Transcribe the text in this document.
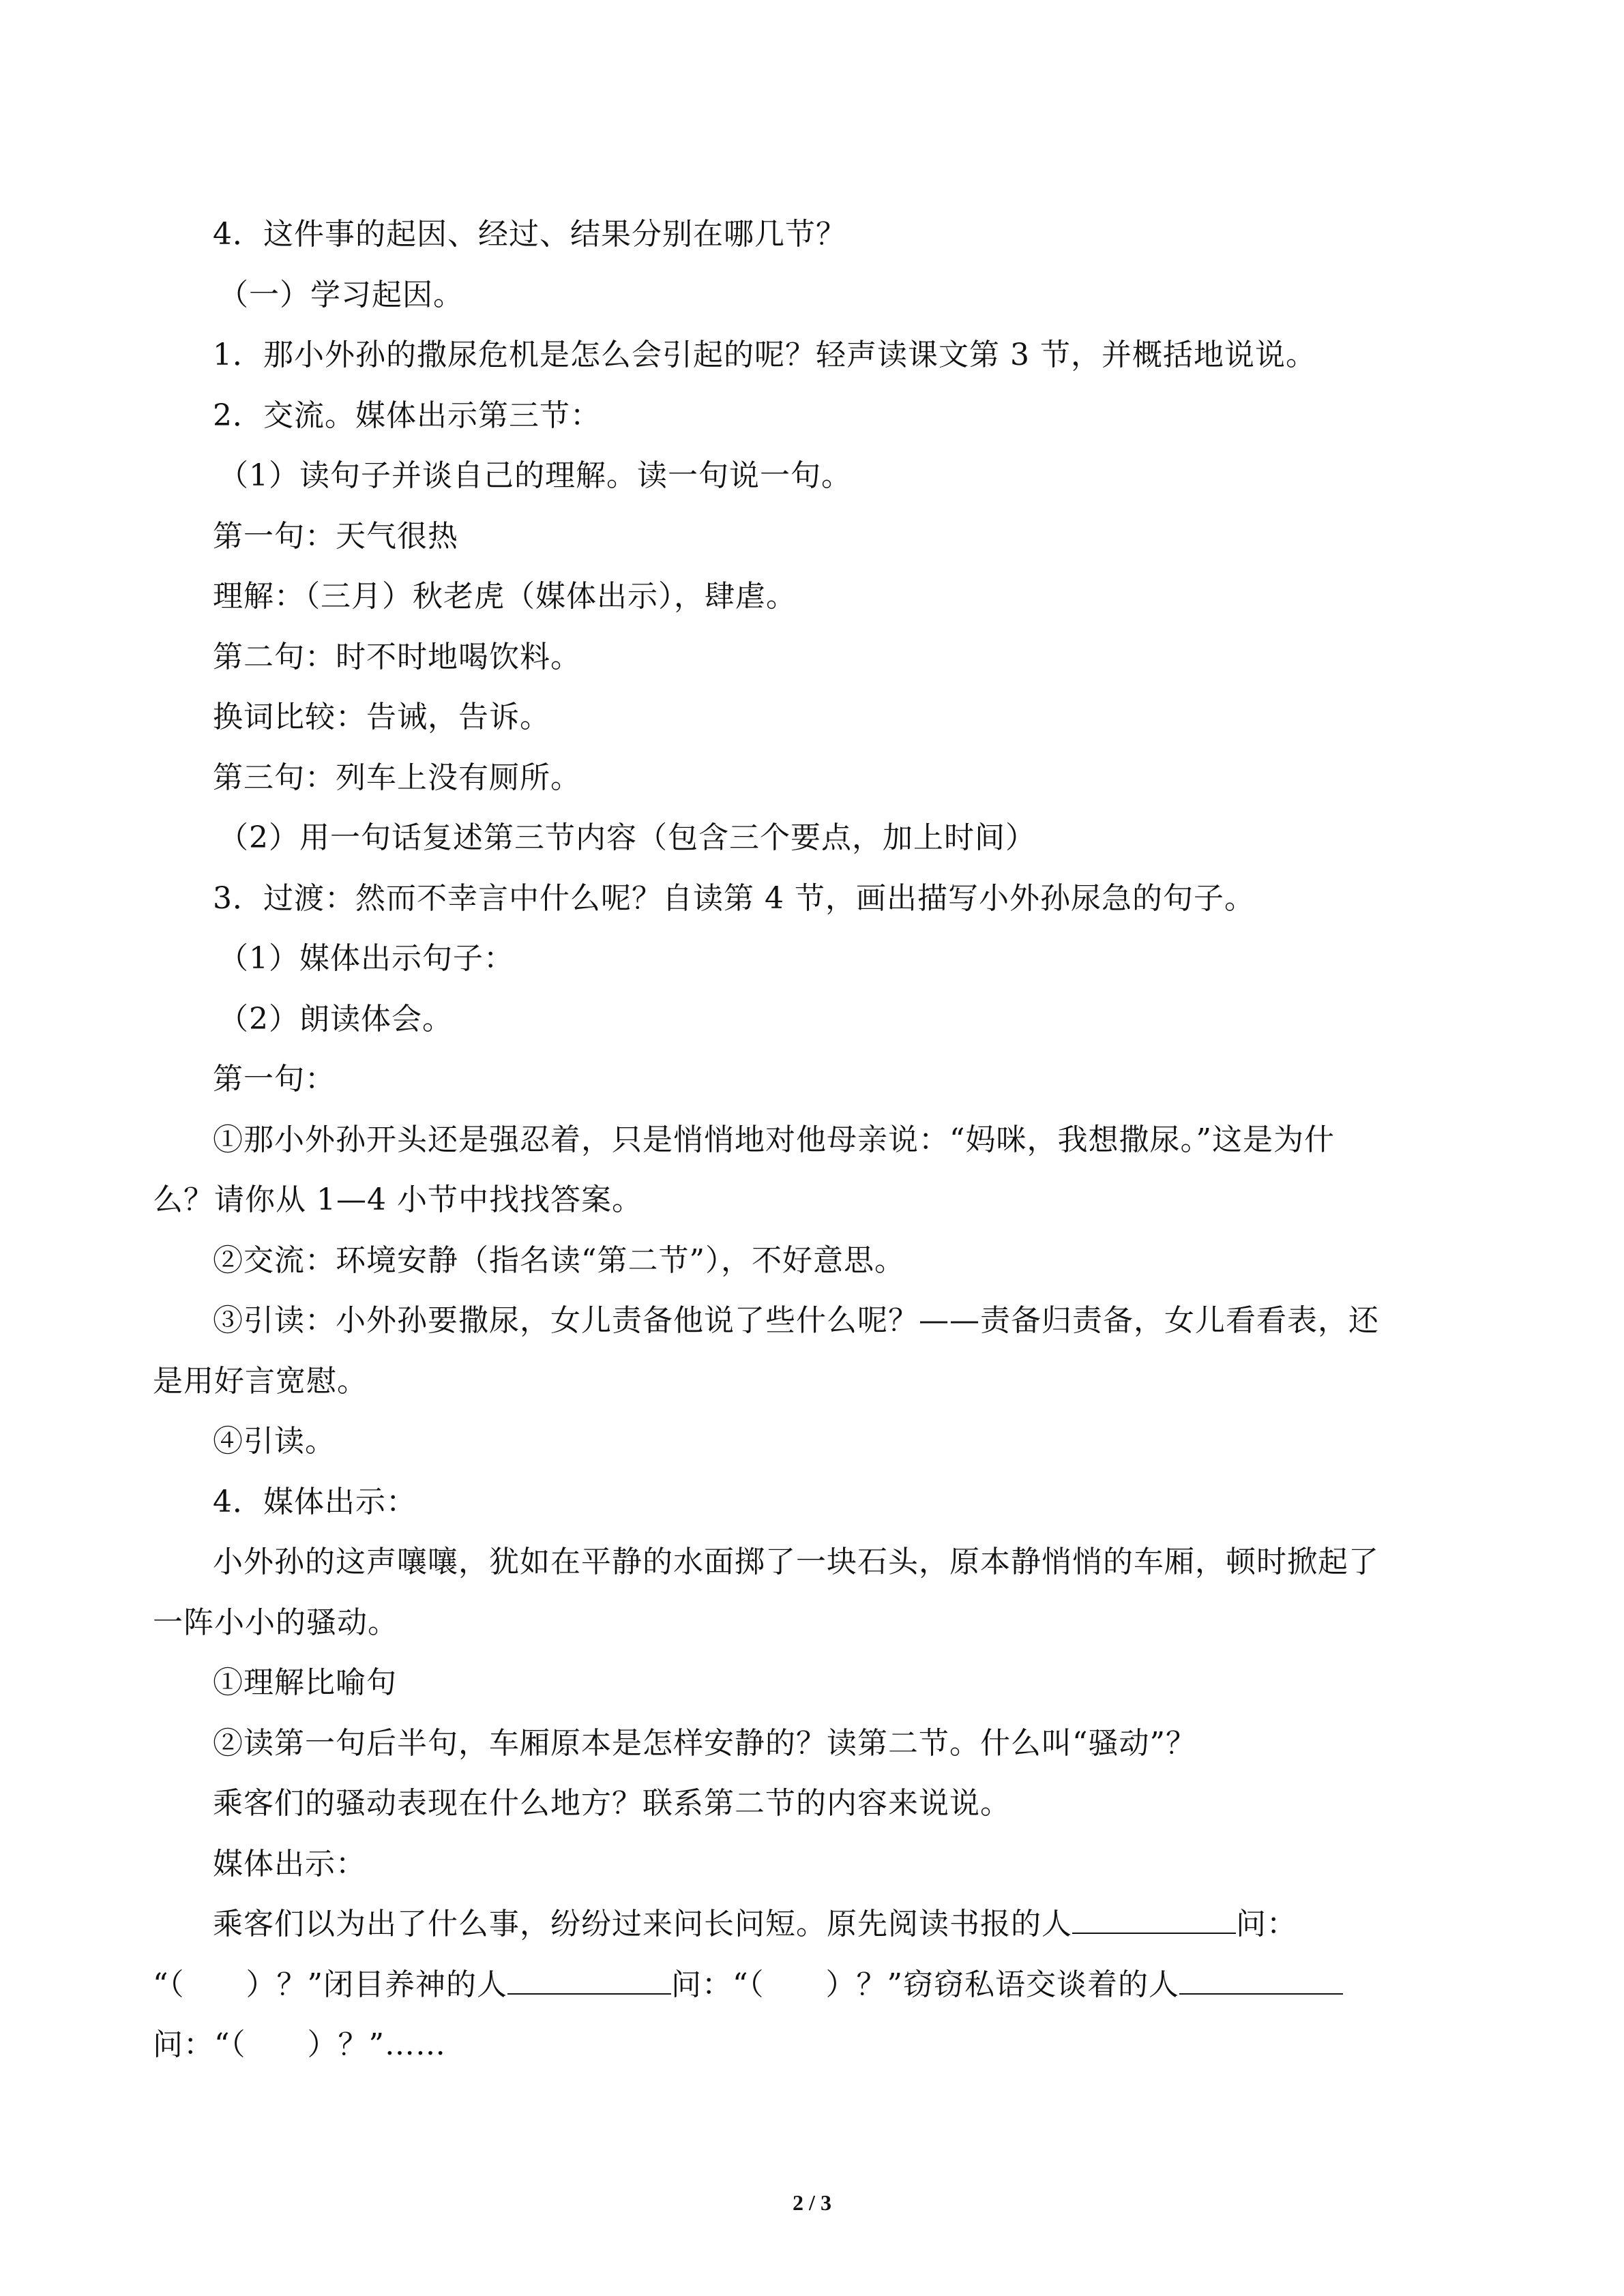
4．这件事的起因、经过、结果分别在哪几节？
（一）学习起因。
1．那小外孙的撒尿危机是怎么会引起的呢？轻声读课文第 3 节，并概括地说说。
2．交流。媒体出示第三节：
（1）读句子并谈自己的理解。读一句说一句。
第一句：天气很热
理解：（三月）秋老虎（媒体出示），肆虐。
第二句：时不时地喝饮料。
换词比较：告诫，告诉。
第三句：列车上没有厕所。
（2）用一句话复述第三节内容（包含三个要点，加上时间）
3．过渡：然而不幸言中什么呢？自读第 4 节，画出描写小外孙尿急的句子。
（1）媒体出示句子：
（2）朗读体会。
第一句：
①那小外孙开头还是强忍着，只是悄悄地对他母亲说：“妈咪，我想撒尿。”这是为什
么？请你从 1—4 小节中找找答案。
②交流：环境安静（指名读“第二节”），不好意思。
③引读：小外孙要撒尿，女儿责备他说了些什么呢？——责备归责备，女儿看看表，还
是用好言宽慰。
④引读。
4．媒体出示：
小外孙的这声嚷嚷，犹如在平静的水面掷了一块石头，原本静悄悄的车厢，顿时掀起了
一阵小小的骚动。
①理解比喻句
②读第一句后半句，车厢原本是怎样安静的？读第二节。什么叫“骚动”？
乘客们的骚动表现在什么地方？联系第二节的内容来说说。
媒体出示：
乘客们以为出了什么事，纷纷过来问长问短。原先阅读书报的人	问：
“（　　）？”闭目养神的人	问：“（　　）？”窃窃私语交谈着的人
问：“（　　）？”……
2 / 3
